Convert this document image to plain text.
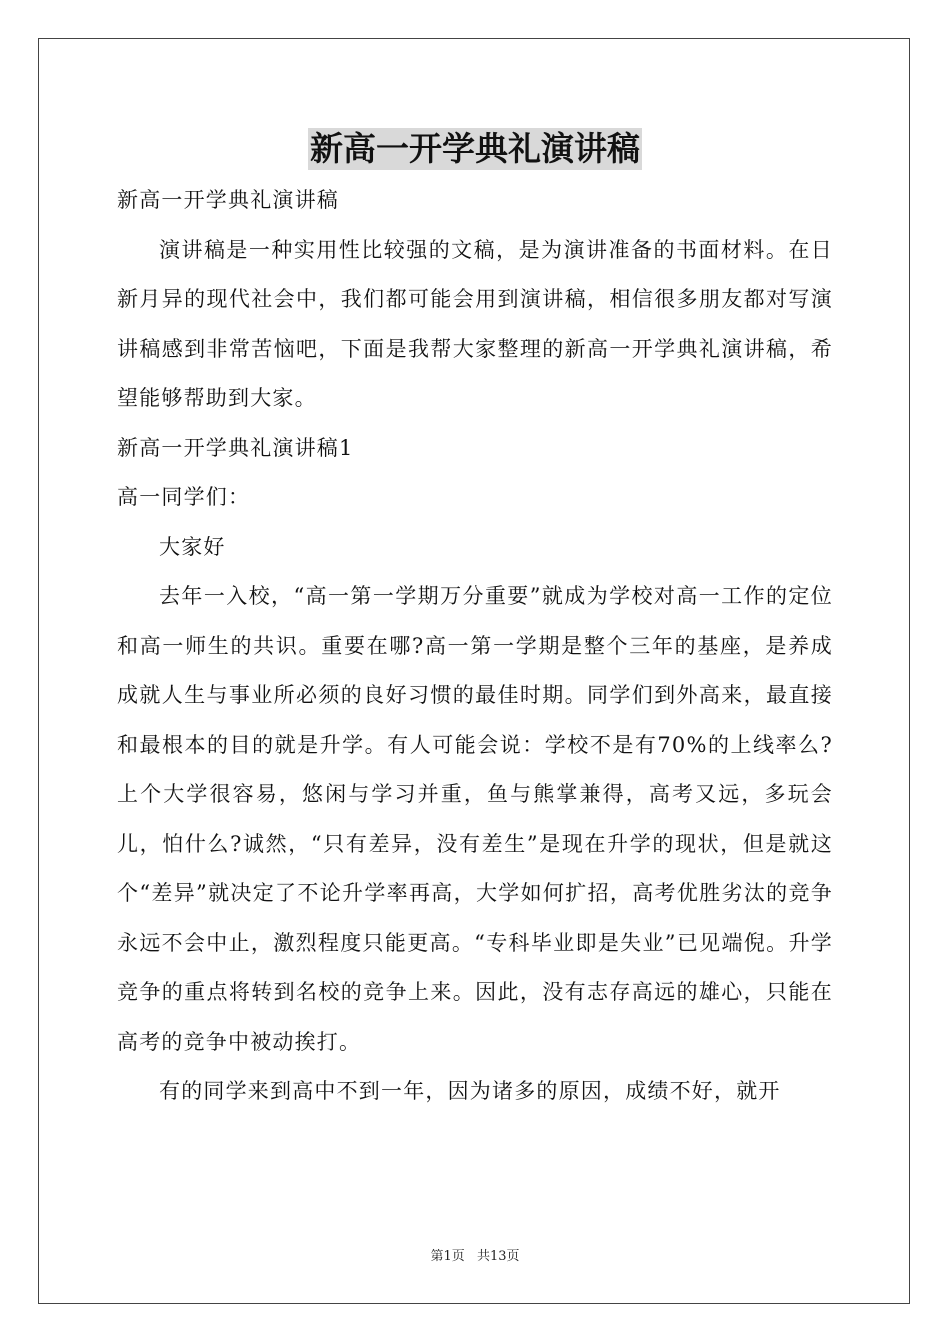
新高一开学典礼演讲稿

新高一开学典礼演讲稿

演讲稿是一种实用性比较强的文稿，是为演讲准备的书面材料。在日新月异的现代社会中，我们都可能会用到演讲稿，相信很多朋友都对写演讲稿感到非常苦恼吧，下面是我帮大家整理的新高一开学典礼演讲稿，希望能够帮助到大家。

新高一开学典礼演讲稿1

高一同学们：

大家好

去年一入校，“高一第一学期万分重要”就成为学校对高一工作的定位和高一师生的共识。重要在哪?高一第一学期是整个三年的基座，是养成成就人生与事业所必须的良好习惯的最佳时期。同学们到外高来，最直接和最根本的目的就是升学。有人可能会说：学校不是有70%的上线率么?上个大学很容易，悠闲与学习并重，鱼与熊掌兼得，高考又远，多玩会儿，怕什么?诚然，“只有差异，没有差生”是现在升学的现状，但是就这个“差异”就决定了不论升学率再高，大学如何扩招，高考优胜劣汰的竞争永远不会中止，激烈程度只能更高。“专科毕业即是失业”已见端倪。升学竞争的重点将转到名校的竞争上来。因此，没有志存高远的雄心，只能在高考的竞争中被动挨打。

有的同学来到高中不到一年，因为诸多的原因，成绩不好，就开

第1页 共13页
